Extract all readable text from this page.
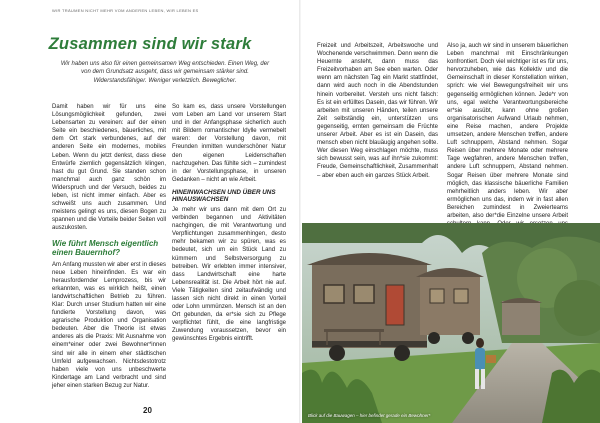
WIR TRÄUMEN NICHT MEHR VOM ANDEREN LEBEN, WIR LEBEN ES
Zusammen sind wir stark
Wir haben uns also für einen gemeinsamen Weg entschieden. Einen Weg, der von dem Grundsatz ausgeht, dass wir gemeinsam stärker sind. Widerstandsfähiger. Weniger verletzlich. Beweglicher.

Damit haben wir für uns eine Lösungsmöglichkeit gefunden, zwei Lebensarten zu vereinen: auf der einen Seite ein beschiedenes, bäuerliches, mit dem Ort stark verbundenes, auf der anderen Seite ein modernes, mobiles Leben. Wenn du jetzt denkst, dass diese Entwürfe ziemlich gegensätzlich klingen, hast du gut Grund. Sie standen schon manchmal auch ganz schön im Widerspruch und der Versuch, beides zu leben, ist nicht immer einfach. Aber es schweißt uns auch zusammen. Und meistens gelingt es uns, diesen Bogen zu spannen und die Vorteile beider Seiten voll auszukosten.

Wie führt Mensch eigentlich einen Bauernhof?

Am Anfang mussten wir aber erst in dieses neue Leben hineinfinden. Es war ein herausfordernder Lernprozess, bis wir erkannten, was es wirklich heißt, einen landwirtschaftlichen Betrieb zu führen. Klar: Durch unser Studium hatten wir eine fundierte Vorstellung davon, was agrarische Produktion und Organisation bedeuten. Aber die Theorie ist etwas anderes als die Praxis: Mit Ausnahme von einem*einer oder zwei Bewohner*innen sind wir alle in einem eher städtischen Umfeld aufgewachsen. Nichtsdestotrotz haben viele von uns unbeschwerte Kindertage am Land verbracht und sind jeher einen starken Bezug zur Natur.

So kam es, dass unsere Vorstellungen vom Leben am Land vor unserem Start und in der Anfangsphase sicherlich auch mit Bildern romantischer Idylle vermebelt waren: der Vorstellung davon, mit Freunden inmitten wunderschöner Natur den eigenen Leidenschaften nachzugehen. Das fühlte sich – zumindest in der Vorstellungsphase, in unseren Gedanken – nicht an wie Arbeit.

HINEINWACHSEN UND ÜBER UNS HINAUSWACHSEN

Je mehr wir uns dann mit dem Ort zu verbinden begannen und Aktivitäten nachgingen, die mit Verantwortung und Verpflichtungen zusammenhingen, desto mehr bekamen wir zu spüren, was es bedeutet, sich um ein Stück Land zu kümmern und Selbstversorgung zu betreiben. Wir erlebten immer intensiver, dass Landwirtschaft eine harte Lebensrealität ist. Die Arbeit hört nie auf. Viele Tätigkeiten sind zeitaufwändig und lassen sich nicht direkt in einen Vorteil oder Lohn ummünzen. Mensch ist an den Ort gebunden, da er*sie sich zu Pflege verpflichtet fühlt, die eine langfristige Zuwendung voraussetzen, bevor ein gewünschtes Ergebnis eintrifft.

20

Freizeit und Arbeitszeit, Arbeitswoche und Wochenende verschwimmen. Denn wenn die Heuernte ansteht, dann muss das Freizeitvorhaben am See eben warten. Oder wenn am nächsten Tag ein Markt stattfindet, dann wird auch noch in die Abendstunden hinein vorbereitet. Versteh uns nicht falsch: Es ist ein erfülltes Dasein, das wir führen. Wir arbeiten mit unseren Händen, teilen unsere Zeit selbständig ein, unterstützen uns gegenseitig, ernten gemeinsam die Früchte unserer Arbeit. Aber es ist ein Dasein, das mensch eben nicht blauäugig angehen sollte. Wer diesen Weg einschlagen möchte, muss sich bewusst sein, was auf ihn*sie zukommt: Freude, Gemeinschaftlichkeit, Zusammenhalt – aber eben auch ein ganzes Stück Arbeit.

Also ja, auch wir sind in unserem bäuerlichen Leben manchmal mit Einschränkungen konfrontiert. Doch viel wichtiger ist es für uns, hervorzuheben, wie das Kollektiv und die Gemeinschaft in dieser Konstellation wirken, sprich: wie viel Bewegungsfreiheit wir uns gegenseitig ermöglichen können. Jede*r von uns, egal welche Verantwortungsbereiche er*sie ausübt, kann ohne großen organisatorischen Aufwand Urlaub nehmen, eine Reise machen, andere Projekte umsetzen, andere Menschen treffen, andere Luft schnuppern, Abstand nehmen. Sogar Reisen über mehrere Monate oder mehrere Tage wegfahren, andere Menschen treffen, andere Luft schnuppern, Abstand nehmen. Sogar Reisen über mehrere Monate sind möglich, das klassische bäuerliche Familien mehrheitlich anders leben. Wir aber ermöglichen uns das, indem wir in fast allen Bereichen zumindest in Zweierteams arbeiten, also der*die Einzelne unsere Arbeit

Blick auf die Bauwagen – hier befindet gerade ein Bewohner*
